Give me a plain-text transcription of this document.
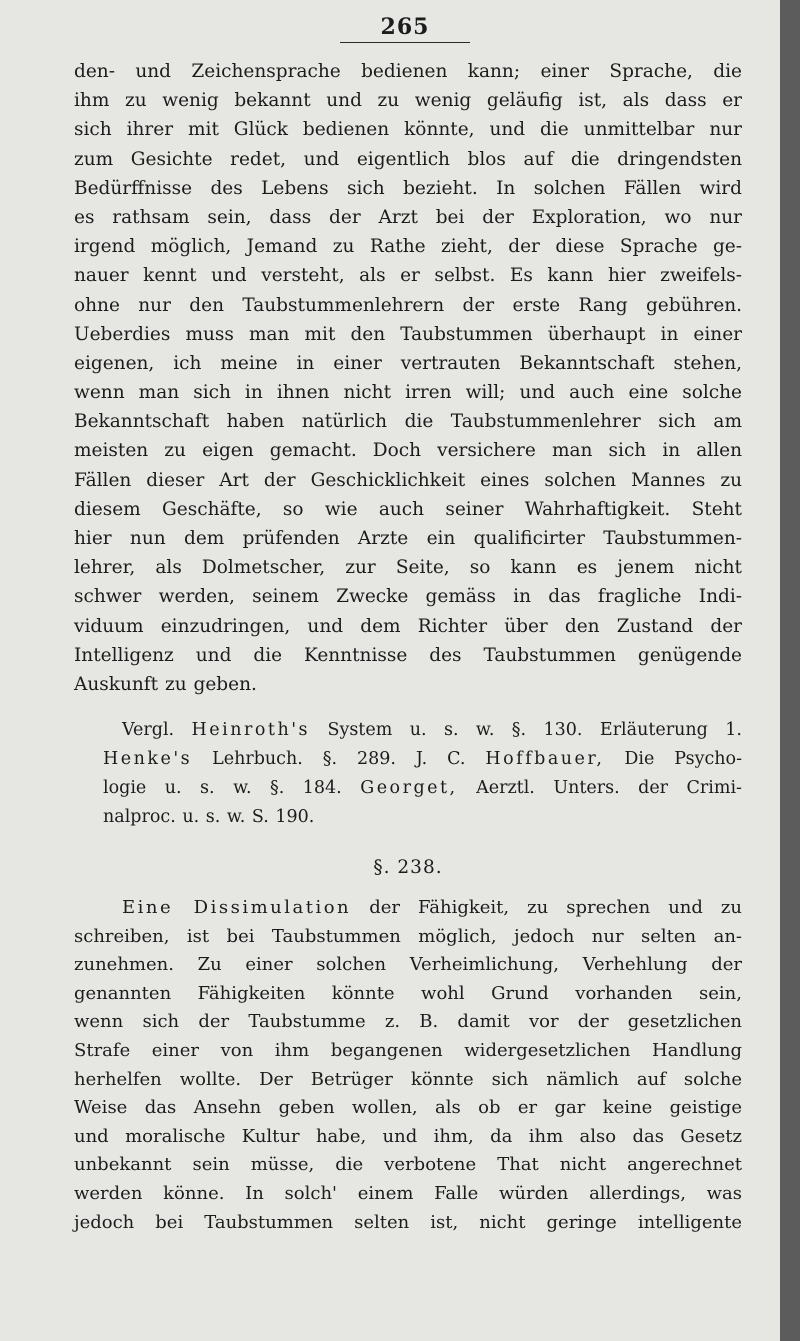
265
den- und Zeichensprache bedienen kann; einer Sprache, die
ihm zu wenig bekannt und zu wenig geläufig ist, als dass er
sich ihrer mit Glück bedienen könnte, und die unmittelbar nur
zum Gesichte redet, und eigentlich blos auf die dringendsten
Bedürffnisse des Lebens sich bezieht. In solchen Fällen wird
es rathsam sein, dass der Arzt bei der Exploration, wo nur
irgend möglich, Jemand zu Rathe zieht, der diese Sprache ge-
nauer kennt und versteht, als er selbst. Es kann hier zweifels-
ohne nur den Taubstummenlehrern der erste Rang gebühren.
Ueberdies muss man mit den Taubstummen überhaupt in einer
eigenen, ich meine in einer vertrauten Bekanntschaft stehen,
wenn man sich in ihnen nicht irren will; und auch eine solche
Bekanntschaft haben natürlich die Taubstummenlehrer sich am
meisten zu eigen gemacht. Doch versichere man sich in allen
Fällen dieser Art der Geschicklichkeit eines solchen Mannes zu
diesem Geschäfte, so wie auch seiner Wahrhaftigkeit. Steht
hier nun dem prüfenden Arzte ein qualificirter Taubstummen-
lehrer, als Dolmetscher, zur Seite, so kann es jenem nicht
schwer werden, seinem Zwecke gemäss in das fragliche Indi-
viduum einzudringen, und dem Richter über den Zustand der
Intelligenz und die Kenntnisse des Taubstummen genügende
Auskunft zu geben.
Vergl. Heinroth's System u. s. w. §. 130. Erläuterung 1.
Henke's Lehrbuch. §. 289. J. C. Hoffbauer, Die Psycho-
logie u. s. w. §. 184. Georget, Aerztl. Unters. der Crimi-
nalproc. u. s. w. S. 190.
§. 238.
Eine Dissimulation der Fähigkeit, zu sprechen und zu
schreiben, ist bei Taubstummen möglich, jedoch nur selten an-
zunehmen. Zu einer solchen Verheimlichung, Verhehlung der
genannten Fähigkeiten könnte wohl Grund vorhanden sein,
wenn sich der Taubstumme z. B. damit vor der gesetzlichen
Strafe einer von ihm begangenen widergesetzlichen Handlung
herhelfen wollte. Der Betrüger könnte sich nämlich auf solche
Weise das Ansehn geben wollen, als ob er gar keine geistige
und moralische Kultur habe, und ihm, da ihm also das Gesetz
unbekannt sein müsse, die verbotene That nicht angerechnet
werden könne. In solch' einem Falle würden allerdings, was
jedoch bei Taubstummen selten ist, nicht geringe intelligente
